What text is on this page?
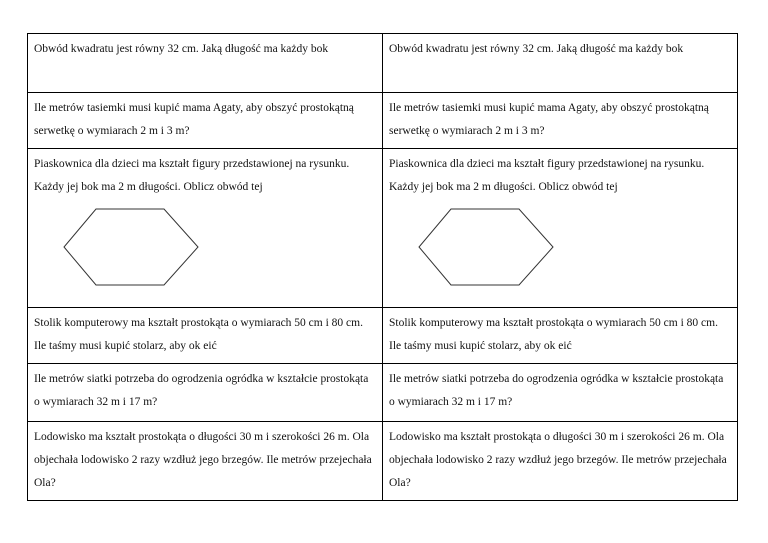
Obwód kwadratu jest równy 32 cm. Jaką długość ma każdy bok	Obwód kwadratu jest równy 32 cm. Jaką długość ma każdy bok

Ile metrów tasiemki musi kupić mama Agaty, aby obszyć prostokątną serwetkę o wymiarach 2 m i 3 m?	Ile metrów tasiemki musi kupić mama Agaty, aby obszyć prostokątną serwetkę o wymiarach 2 m i 3 m?

Piaskownica dla dzieci ma kształt figury przedstawionej na rysunku. Każdy jej bok ma 2 m długości. Oblicz obwód tej	Piaskownica dla dzieci ma kształt figury przedstawionej na rysunku. Każdy jej bok ma 2 m długości. Oblicz obwód tej

Stolik komputerowy ma kształt prostokąta o wymiarach 50 cm i 80 cm. Ile taśmy musi kupić stolarz, aby ok eić	Stolik komputerowy ma kształt prostokąta o wymiarach 50 cm i 80 cm. Ile taśmy musi kupić stolarz, aby ok eić

Ile metrów siatki potrzeba do ogrodzenia ogródka w kształcie prostokąta o wymiarach 32 m i 17 m?	Ile metrów siatki potrzeba do ogrodzenia ogródka w kształcie prostokąta o wymiarach 32 m i 17 m?

Lodowisko ma kształt prostokąta o długości 30 m i szerokości 26 m. Ola objechała lodowisko 2 razy wzdłuż jego brzegów. Ile metrów przejechała Ola?	Lodowisko ma kształt prostokąta o długości 30 m i szerokości 26 m. Ola objechała lodowisko 2 razy wzdłuż jego brzegów. Ile metrów przejechała Ola?
